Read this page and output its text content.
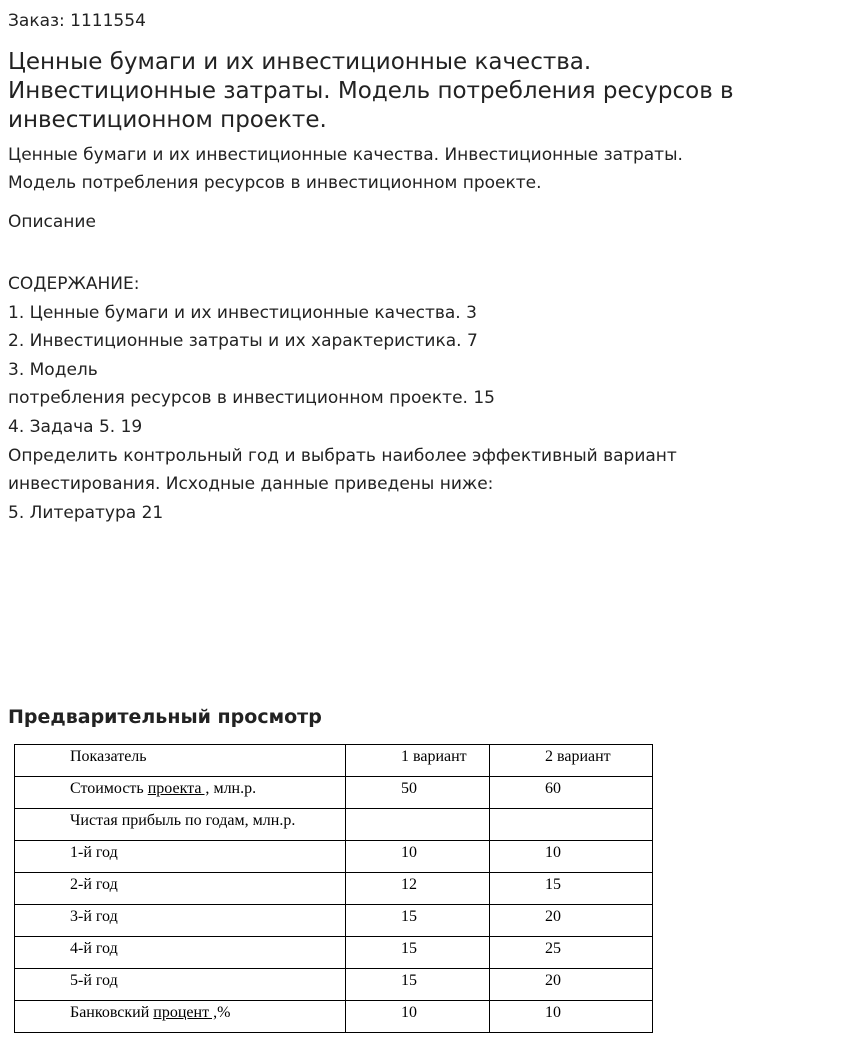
Заказ: 1111554
Ценные бумаги и их инвестиционные качества.
Инвестиционные затраты. Модель потребления ресурсов в
инвестиционном проекте.
Ценные бумаги и их инвестиционные качества. Инвестиционные затраты.
Модель потребления ресурсов в инвестиционном проекте.
Описание
СОДЕРЖАНИЕ:
1. Ценные бумаги и их инвестиционные качества. 3
2. Инвестиционные затраты и их характеристика. 7
3. Модель
потребления ресурсов в инвестиционном проекте. 15
4. Задача 5. 19
Определить контрольный год и выбрать наиболее эффективный вариант
инвестирования. Исходные данные приведены ниже:
5. Литература 21
Предварительный просмотр
Показатель	1 вариант	2 вариант
Стоимость проекта , млн.р.	50	60
Чистая прибыль по годам, млн.р.		
1-й год	10	10
2-й год	12	15
3-й год	15	20
4-й год	15	25
5-й год	15	20
Банковский процент ,%	10	10
